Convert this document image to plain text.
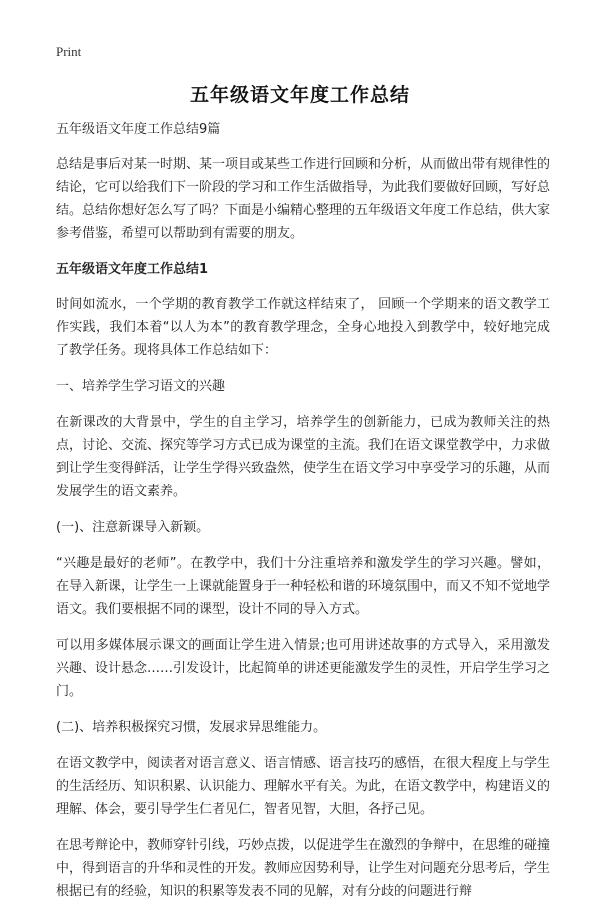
Print
五年级语文年度工作总结

五年级语文年度工作总结9篇

总结是事后对某一时期、某一项目或某些工作进行回顾和分析，从而做出带有规律性的结论，它可以给我们下一阶段的学习和工作生活做指导，为此我们要做好回顾，写好总结。总结你想好怎么写了吗？下面是小编精心整理的五年级语文年度工作总结，供大家参考借鉴，希望可以帮助到有需要的朋友。

五年级语文年度工作总结1

时间如流水，一个学期的教育教学工作就这样结束了， 回顾一个学期来的语文教学工作实践，我们本着“以人为本”的教育教学理念，全身心地投入到教学中，较好地完成了教学任务。现将具体工作总结如下：

一、培养学生学习语文的兴趣

在新课改的大背景中，学生的自主学习，培养学生的创新能力，已成为教师关注的热点，讨论、交流、探究等学习方式已成为课堂的主流。我们在语文课堂教学中，力求做到让学生变得鲜活，让学生学得兴致盎然，使学生在语文学习中享受学习的乐趣，从而发展学生的语文素养。

(一)、注意新课导入新颖。

“兴趣是最好的老师”。在教学中，我们十分注重培养和激发学生的学习兴趣。譬如，在导入新课，让学生一上课就能置身于一种轻松和谐的环境氛围中，而又不知不觉地学语文。我们要根据不同的课型，设计不同的导入方式。

可以用多媒体展示课文的画面让学生进入情景;也可用讲述故事的方式导入，采用激发兴趣、设计悬念……引发设计，比起简单的讲述更能激发学生的灵性，开启学生学习之门。

(二)、培养积极探究习惯，发展求异思维能力。

在语文教学中，阅读者对语言意义、语言情感、语言技巧的感悟，在很大程度上与学生的生活经历、知识积累、认识能力、理解水平有关。为此，在语文教学中，构建语义的理解、体会，要引导学生仁者见仁，智者见智，大胆，各抒己见。

在思考辩论中，教师穿针引线，巧妙点拨，以促进学生在激烈的争辩中，在思维的碰撞中，得到语言的升华和灵性的开发。教师应因势利导，让学生对问题充分思考后，学生根据已有的经验，知识的积累等发表不同的见解，对有分歧的问题进行辩
